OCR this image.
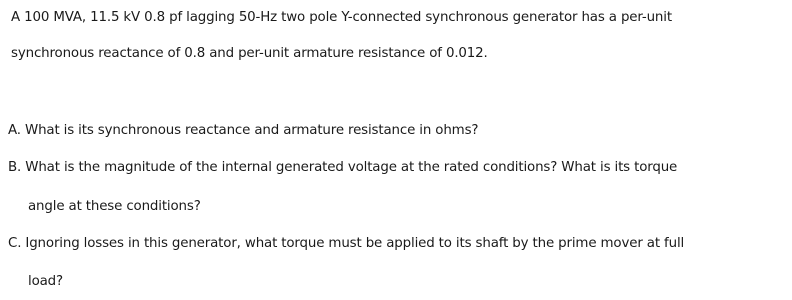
A 100 MVA, 11.5 kV 0.8 pf lagging 50-Hz two pole Y-connected synchronous generator has a per-unit
synchronous reactance of 0.8 and per-unit armature resistance of 0.012.
A. What is its synchronous reactance and armature resistance in ohms?
B. What is the magnitude of the internal generated voltage at the rated conditions? What is its torque
angle at these conditions?
C. Ignoring losses in this generator, what torque must be applied to its shaft by the prime mover at full
load?
